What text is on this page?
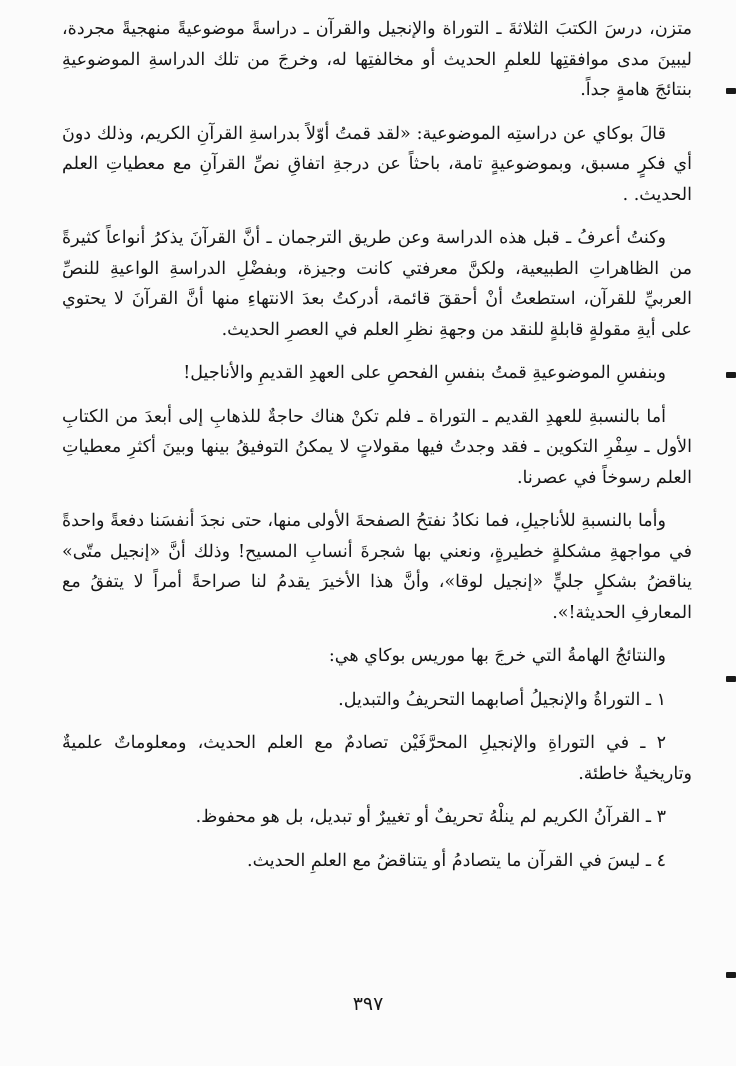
متزن، درسَ الكتبَ الثلاثةَ ـ التوراة والإنجيل والقرآن ـ دراسةً موضوعيةً منهجيةً مجردة، ليبينَ مدى موافقتِها للعلمِ الحديث أو مخالفتِها له، وخرجَ من تلك الدراسةِ الموضوعيةِ بنتائجَ هامةٍ جداً.

قالَ بوكاي عن دراستِه الموضوعية: «لقد قمتُ أوّلاً بدراسةِ القرآنِ الكريم، وذلك دونَ أي فكرٍ مسبق، وبموضوعيةٍ تامة، باحثاً عن درجةِ اتفاقِ نصِّ القرآنِ مع معطياتِ العلم الحديث. .

وكنتُ أعرفُ ـ قبل هذه الدراسة وعن طريق الترجمان ـ أنَّ القرآنَ يذكرُ أنواعاً كثيرةً من الظاهراتِ الطبيعية، ولكنَّ معرفتي كانت وجيزة، وبفضْلِ الدراسةِ الواعيةِ للنصِّ العربيِّ للقرآن، استطعتُ أنْ أحققَ قائمة، أدركتُ بعدَ الانتهاءِ منها أنَّ القرآنَ لا يحتوي على أيةِ مقولةٍ قابلةٍ للنقد من وجهةِ نظرِ العلم في العصرِ الحديث.

وبنفسِ الموضوعيةِ قمتُ بنفسِ الفحصِ على العهدِ القديمِ والأناجيل!

أما بالنسبةِ للعهدِ القديم ـ التوراة ـ فلم تكنْ هناك حاجةٌ للذهابِ إلى أبعدَ من الكتابِ الأول ـ سِفْرِ التكوين ـ فقد وجدتُ فيها مقولاتٍ لا يمكنُ التوفيقُ بينها وبينَ أكثرِ معطياتِ العلم رسوخاً في عصرنا.

وأما بالنسبةِ للأناجيلِ، فما نكادُ نفتحُ الصفحةَ الأولى منها، حتى نجدَ أنفسَنا دفعةً واحدةً في مواجهةِ مشكلةٍ خطيرةٍ، ونعني بها شجرةَ أنسابِ المسيح! وذلك أنَّ «إنجيل متّى» يناقضُ بشكلٍ جليٍّ «إنجيل لوقا»، وأنَّ هذا الأخيرَ يقدمُ لنا صراحةً أمراً لا يتفقُ مع المعارفِ الحديثة!».

والنتائجُ الهامةُ التي خرجَ بها موريس بوكاي هي:

١ ـ التوراةُ والإنجيلُ أصابهما التحريفُ والتبديل.

٢ ـ في التوراةِ والإنجيلِ المحرَّفَيْن تصادمٌ مع العلم الحديث، ومعلوماتٌ علميةٌ وتاريخيةٌ خاطئة.

٣ ـ القرآنُ الكريم لم ينلْهُ تحريفٌ أو تغييرٌ أو تبديل، بل هو محفوظ.

٤ ـ ليسَ في القرآن ما يتصادمُ أو يتناقضُ مع العلمِ الحديث.

٣٩٧
